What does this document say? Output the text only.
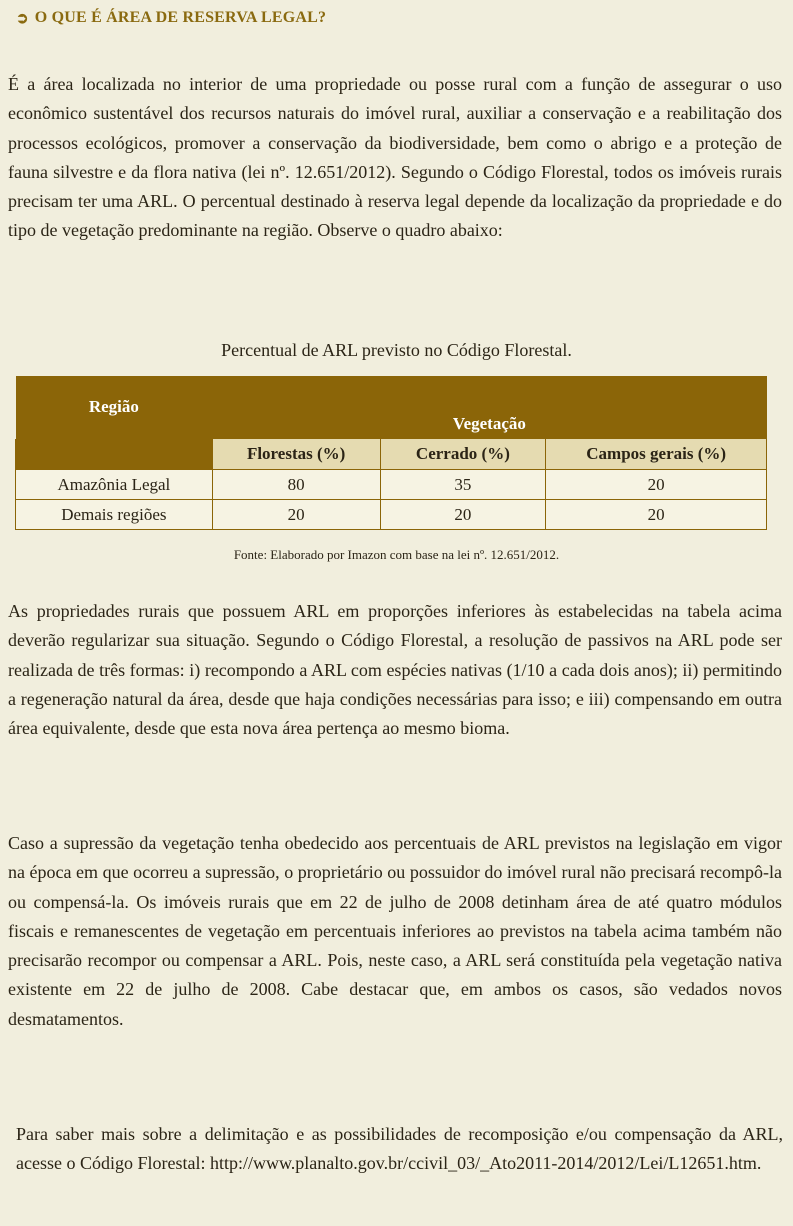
➲ O QUE É ÁREA DE RESERVA LEGAL?

É a área localizada no interior de uma propriedade ou posse rural com a função de assegurar o uso econômico sustentável dos recursos naturais do imóvel rural, auxiliar a conservação e a reabilitação dos processos ecológicos, promover a conservação da biodiversidade, bem como o abrigo e a proteção de fauna silvestre e da flora nativa (lei nº. 12.651/2012). Segundo o Código Florestal, todos os imóveis rurais precisam ter uma ARL. O percentual destinado à reserva legal depende da localização da propriedade e do tipo de vegetação predominante na região. Observe o quadro abaixo:

Percentual de ARL previsto no Código Florestal.
Região	Vegetação		
	Florestas (%)	Cerrado (%)	Campos gerais (%)
Amazônia Legal	80	35	20
Demais regiões	20	20	20
Fonte: Elaborado por Imazon com base na lei nº. 12.651/2012.

As propriedades rurais que possuem ARL em proporções inferiores às estabelecidas na tabela acima deverão regularizar sua situação. Segundo o Código Florestal, a resolução de passivos na ARL pode ser realizada de três formas: i) recompondo a ARL com espécies nativas (1/10 a cada dois anos); ii) permitindo a regeneração natural da área, desde que haja condições necessárias para isso; e iii) compensando em outra área equivalente, desde que esta nova área pertença ao mesmo bioma.

Caso a supressão da vegetação tenha obedecido aos percentuais de ARL previstos na legislação em vigor na época em que ocorreu a supressão, o proprietário ou possuidor do imóvel rural não precisará recompô-la ou compensá-la. Os imóveis rurais que em 22 de julho de 2008 detinham área de até quatro módulos fiscais e remanescentes de vegetação em percentuais inferiores ao previstos na tabela acima também não precisarão recompor ou compensar a ARL. Pois, neste caso, a ARL será constituída pela vegetação nativa existente em 22 de julho de 2008. Cabe destacar que, em ambos os casos, são vedados novos desmatamentos.

Para saber mais sobre a delimitação e as possibilidades de recomposição e/ou compensação da ARL, acesse o Código Florestal: http://www.planalto.gov.br/ccivil_03/_Ato2011-2014/2012/Lei/L12651.htm.
